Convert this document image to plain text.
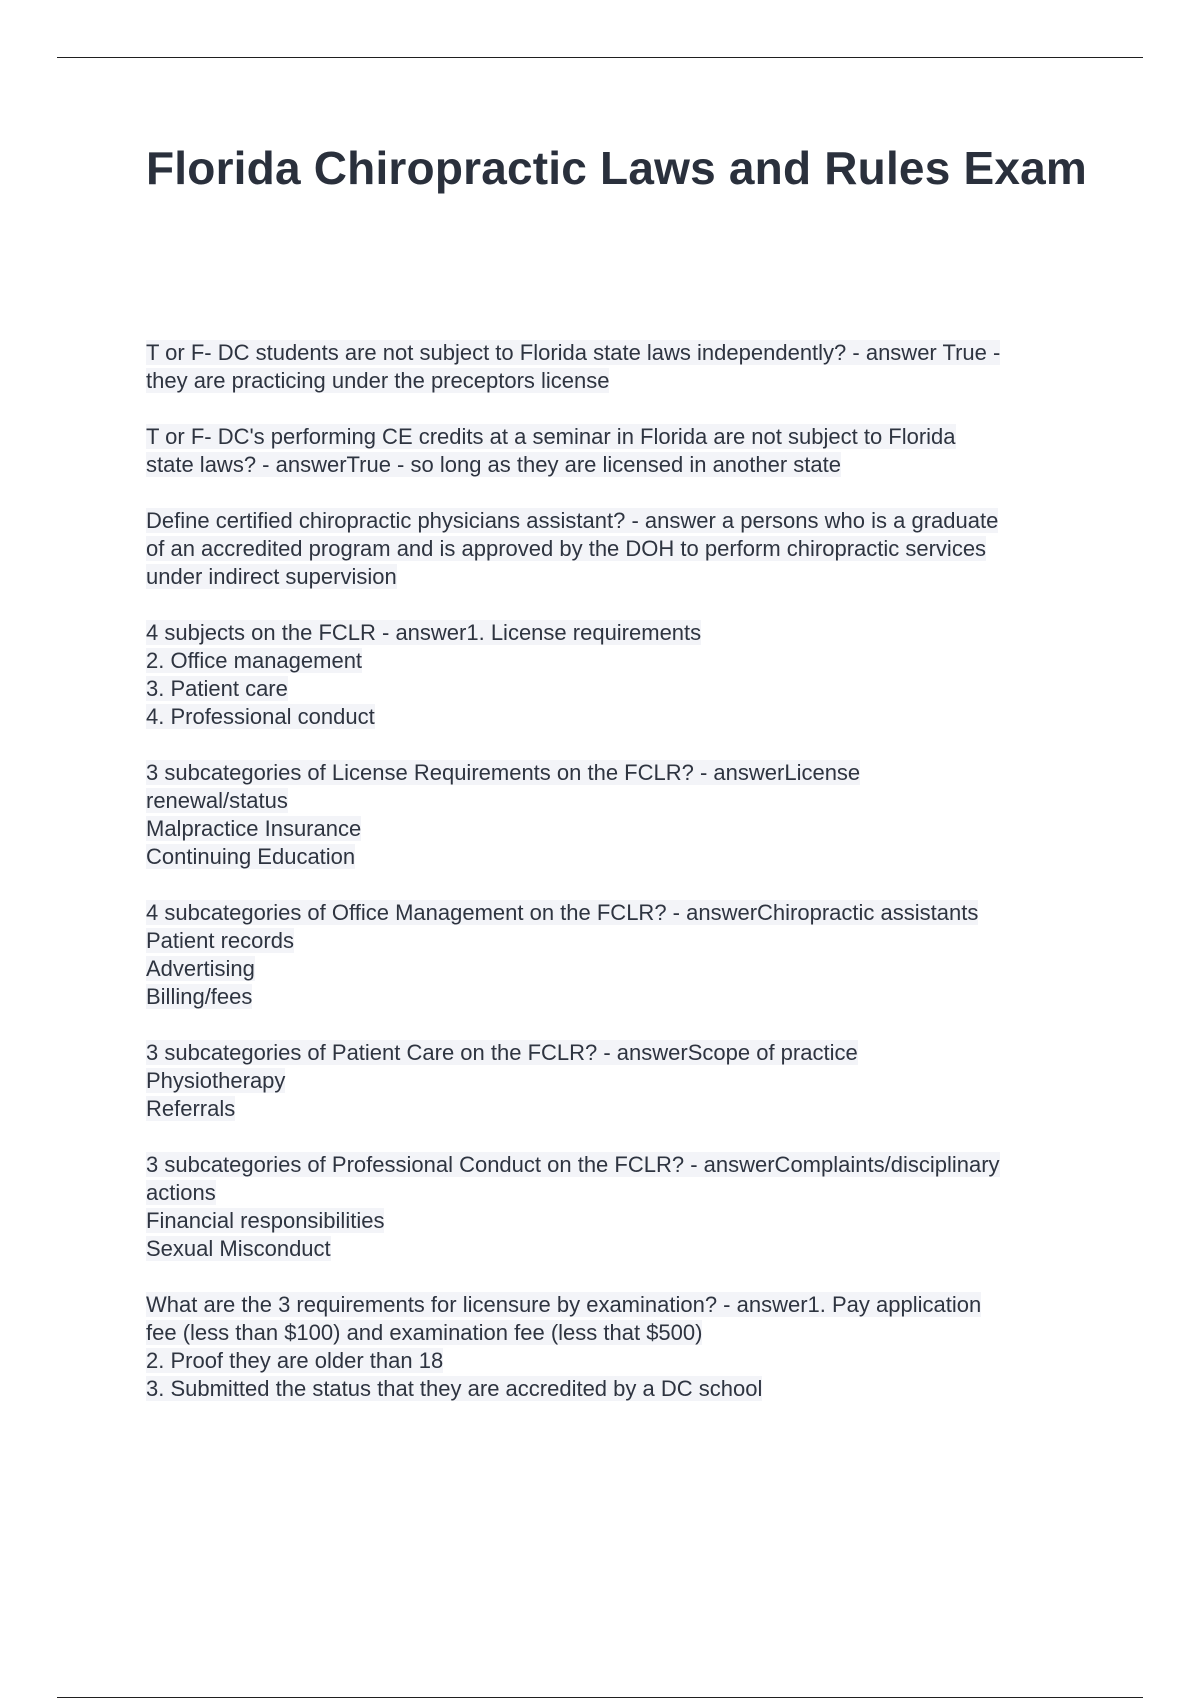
Florida Chiropractic Laws and Rules Exam
T or F- DC students are not subject to Florida state laws independently? - answer True -
they are practicing under the preceptors license
T or F- DC's performing CE credits at a seminar in Florida are not subject to Florida
state laws? - answerTrue - so long as they are licensed in another state
Define certified chiropractic physicians assistant? - answer a persons who is a graduate
of an accredited program and is approved by the DOH to perform chiropractic services
under indirect supervision
4 subjects on the FCLR - answer1. License requirements
2. Office management
3. Patient care
4. Professional conduct
3 subcategories of License Requirements on the FCLR? - answerLicense
renewal/status
Malpractice Insurance
Continuing Education
4 subcategories of Office Management on the FCLR? - answerChiropractic assistants
Patient records
Advertising
Billing/fees
3 subcategories of Patient Care on the FCLR? - answerScope of practice
Physiotherapy
Referrals
3 subcategories of Professional Conduct on the FCLR? - answerComplaints/disciplinary
actions
Financial responsibilities
Sexual Misconduct
What are the 3 requirements for licensure by examination? - answer1. Pay application
fee (less than $100) and examination fee (less that $500)
2. Proof they are older than 18
3. Submitted the status that they are accredited by a DC school
